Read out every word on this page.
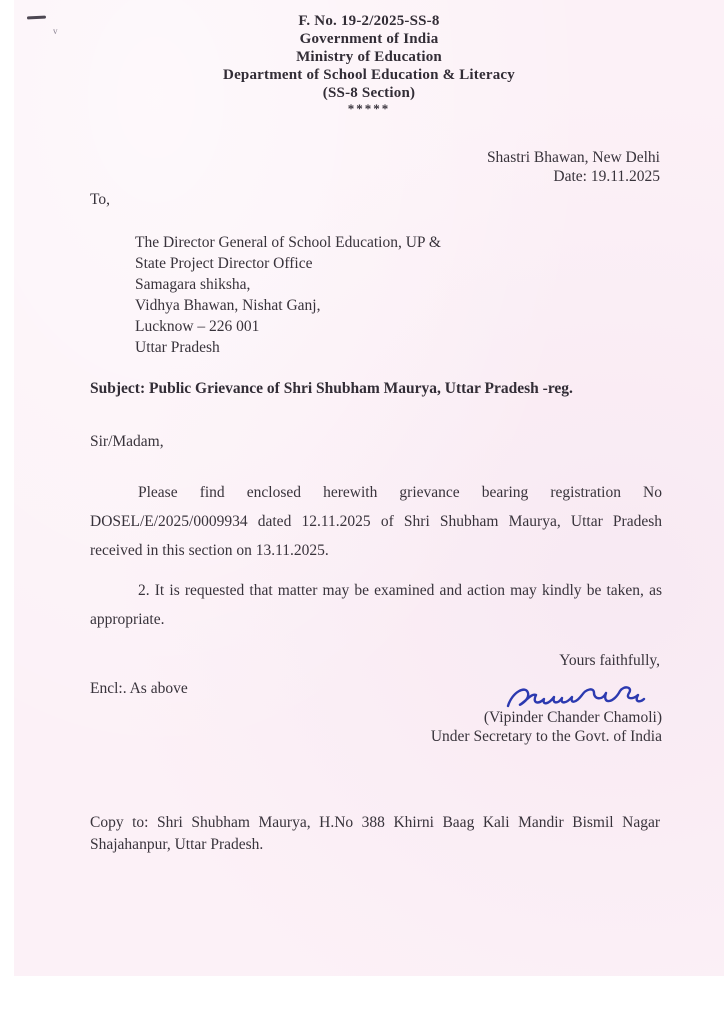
v
F. No. 19-2/2025-SS-8
Government of India
Ministry of Education
Department of School Education & Literacy
(SS-8 Section)
*****
Shastri Bhawan, New Delhi
Date: 19.11.2025
To,
The Director General of School Education, UP &
State Project Director Office
Samagara shiksha,
Vidhya Bhawan, Nishat Ganj,
Lucknow – 226 001
Uttar Pradesh
Subject: Public Grievance of Shri Shubham Maurya, Uttar Pradesh -reg.
Sir/Madam,
Please find enclosed herewith grievance bearing registration No DOSEL/E/2025/0009934 dated 12.11.2025 of Shri Shubham Maurya, Uttar Pradesh received in this section on 13.11.2025.
2. It is requested that matter may be examined and action may kindly be taken, as appropriate.
Yours faithfully,
Encl:. As above
(Vipinder Chander Chamoli)
Under Secretary to the Govt. of India
Copy to: Shri Shubham Maurya, H.No 388 Khirni Baag Kali Mandir Bismil Nagar Shajahanpur, Uttar Pradesh.
